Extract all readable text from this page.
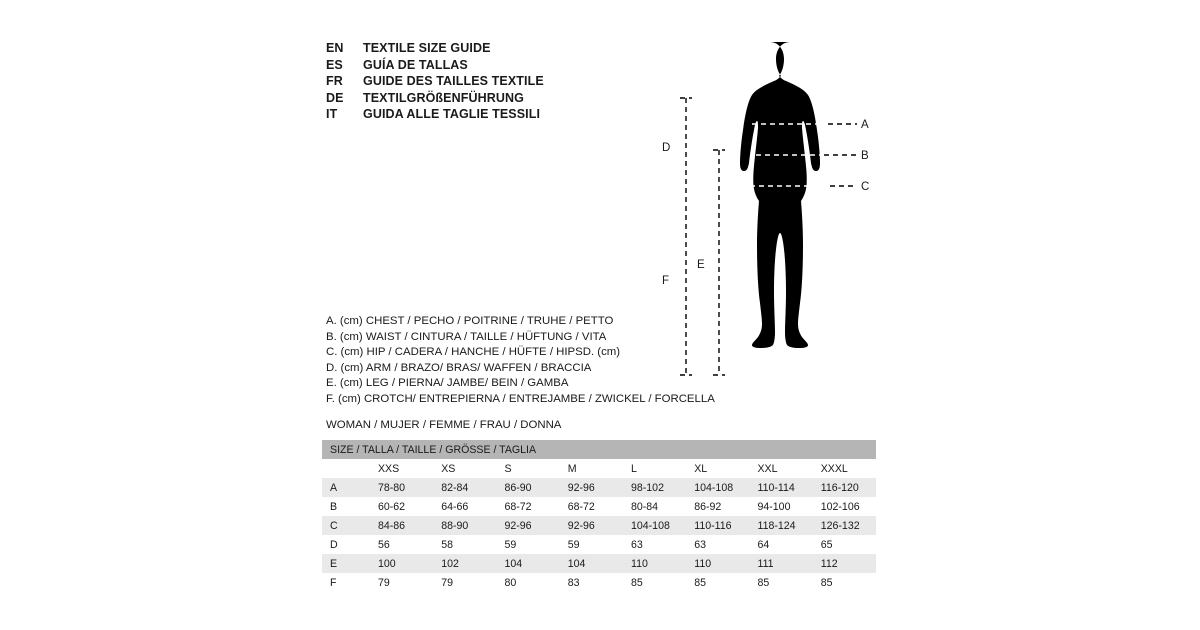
EN	TEXTILE SIZE GUIDE
ES	GUÍA DE TALLAS
FR	GUIDE DES TAILLES TEXTILE
DE	TEXTILGRÖßENFÜHRUNG
IT	GUIDA ALLE TAGLIE TESSILI
A
B
C
D
E
F
A. (cm) CHEST / PECHO / POITRINE / TRUHE / PETTO
B. (cm) WAIST / CINTURA / TAILLE / HÜFTUNG / VITA
C. (cm) HIP / CADERA / HANCHE / HÜFTE / HIPSD. (cm)
D. (cm) ARM / BRAZO/ BRAS/ WAFFEN / BRACCIA
E. (cm) LEG / PIERNA/ JAMBE/ BEIN / GAMBA
F. (cm) CROTCH/ ENTREPIERNA / ENTREJAMBE / ZWICKEL / FORCELLA
WOMAN / MUJER / FEMME / FRAU / DONNA
SIZE / TALLA / TAILLE / GRÖSSE / TAGLIA								
	XXS	XS	S	M	L	XL	XXL	XXXL
A	78-80	82-84	86-90	92-96	98-102	104-108	110-114	116-120
B	60-62	64-66	68-72	68-72	80-84	86-92	94-100	102-106
C	84-86	88-90	92-96	92-96	104-108	110-116	118-124	126-132
D	56	58	59	59	63	63	64	65
E	100	102	104	104	110	110	111	112
F	79	79	80	83	85	85	85	85
